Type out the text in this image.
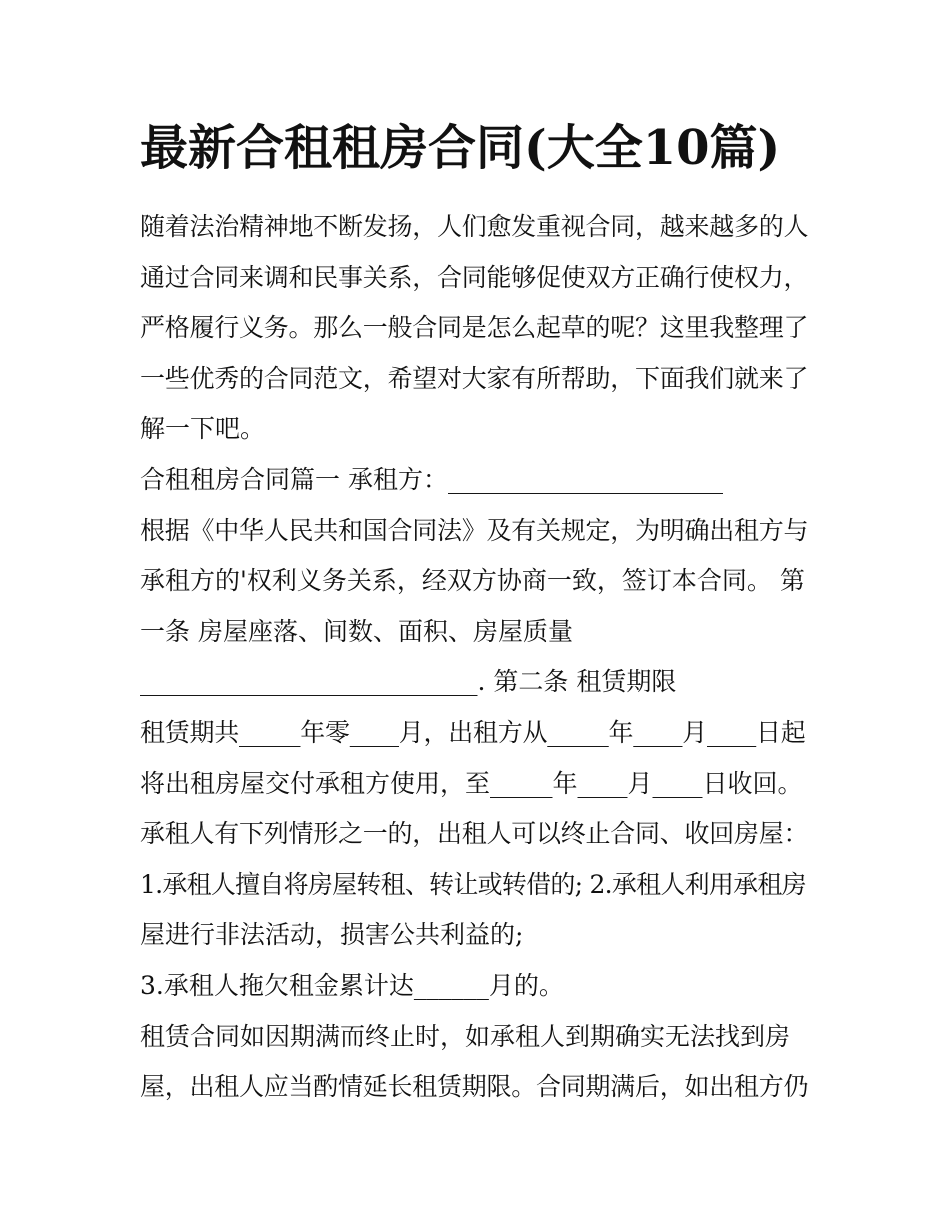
最新合租租房合同(大全10篇)

随着法治精神地不断发扬，人们愈发重视合同，越来越多的人

通过合同来调和民事关系，合同能够促使双方正确行使权力，

严格履行义务。那么一般合同是怎么起草的呢？这里我整理了

一些优秀的合同范文，希望对大家有所帮助，下面我们就来了

解一下吧。

合租租房合同篇一 承租方：______________________

根据《中华人民共和国合同法》及有关规定，为明确出租方与

承租方的'权利义务关系，经双方协商一致，签订本合同。 第

一条 房屋座落、间数、面积、房屋质量

___________________________. 第二条 租赁期限

租赁期共_____年零____月，出租方从_____年____月____日起

将出租房屋交付承租方使用，至_____年____月____日收回。

承租人有下列情形之一的，出租人可以终止合同、收回房屋：

1.承租人擅自将房屋转租、转让或转借的; 2.承租人利用承租房

屋进行非法活动，损害公共利益的;

3.承租人拖欠租金累计达______月的。

租赁合同如因期满而终止时，如承租人到期确实无法找到房

屋，出租人应当酌情延长租赁期限。合同期满后，如出租方仍
